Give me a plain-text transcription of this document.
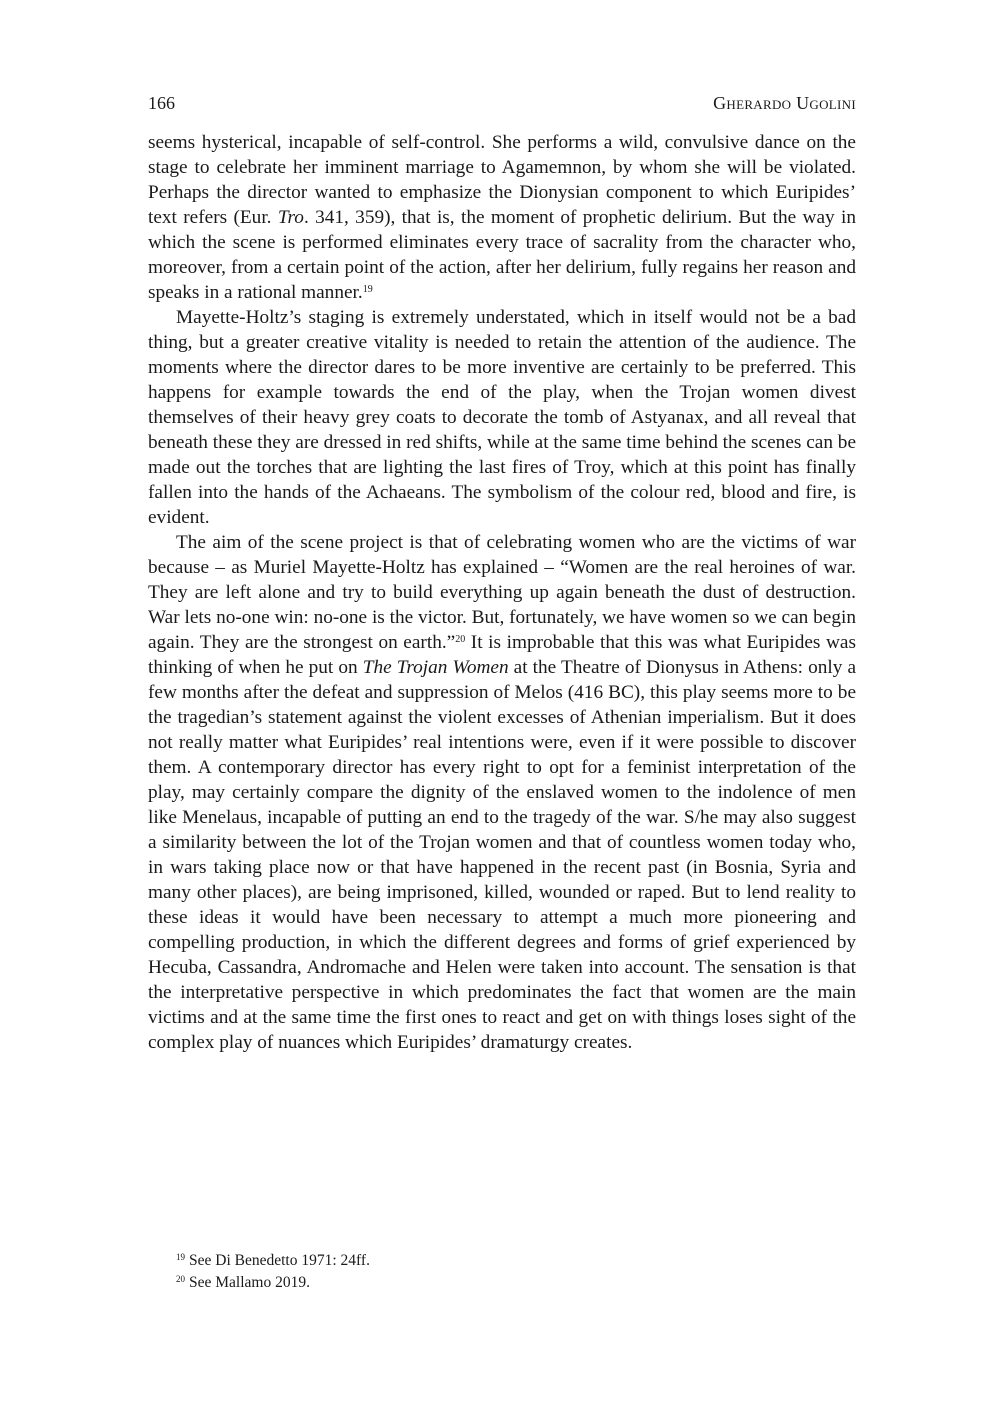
166	Gherardo Ugolini

seems hysterical, incapable of self-control. She performs a wild, convulsive dance on the stage to celebrate her imminent marriage to Agamemnon, by whom she will be violated. Perhaps the director wanted to emphasize the Dionysian component to which Euripides’ text refers (Eur. Tro. 341, 359), that is, the moment of prophetic delirium. But the way in which the scene is performed eliminates every trace of sacrality from the character who, moreover, from a certain point of the action, after her delirium, fully regains her reason and speaks in a rational manner.$^{19}$

Mayette-Holtz’s staging is extremely understated, which in itself would not be a bad thing, but a greater creative vitality is needed to retain the attention of the audience. The moments where the director dares to be more inventive are certainly to be preferred. This happens for example towards the end of the play, when the Trojan women divest themselves of their heavy grey coats to decorate the tomb of Astyanax, and all reveal that beneath these they are dressed in red shifts, while at the same time behind the scenes can be made out the torches that are lighting the last fires of Troy, which at this point has finally fallen into the hands of the Achaeans. The symbolism of the colour red, blood and fire, is evident.

The aim of the scene project is that of celebrating women who are the victims of war because – as Muriel Mayette-Holtz has explained – “Women are the real heroines of war. They are left alone and try to build everything up again beneath the dust of destruction. War lets no-one win: no-one is the victor. But, fortunately, we have women so we can begin again. They are the strongest on earth.”$^{20}$ It is improbable that this was what Euripides was thinking of when he put on The Trojan Women at the Theatre of Dionysus in Athens: only a few months after the defeat and suppression of Melos (416 BC), this play seems more to be the tragedian’s statement against the violent excesses of Athenian imperialism. But it does not really matter what Euripides’ real intentions were, even if it were possible to discover them. A contemporary director has every right to opt for a feminist interpretation of the play, may certainly compare the dignity of the enslaved women to the indolence of men like Menelaus, incapable of putting an end to the tragedy of the war. S/he may also suggest a similarity between the lot of the Trojan women and that of countless women today who, in wars taking place now or that have happened in the recent past (in Bosnia, Syria and many other places), are being imprisoned, killed, wounded or raped. But to lend reality to these ideas it would have been necessary to attempt a much more pioneering and compelling production, in which the different degrees and forms of grief experienced by Hecuba, Cassandra, Andromache and Helen were taken into account. The sensation is that the interpretative perspective in which predominates the fact that women are the main victims and at the same time the first ones to react and get on with things loses sight of the complex play of nuances which Euripides’ dramaturgy creates.

$^{19}$ See Di Benedetto 1971: 24ff.
$^{20}$ See Mallamo 2019.
